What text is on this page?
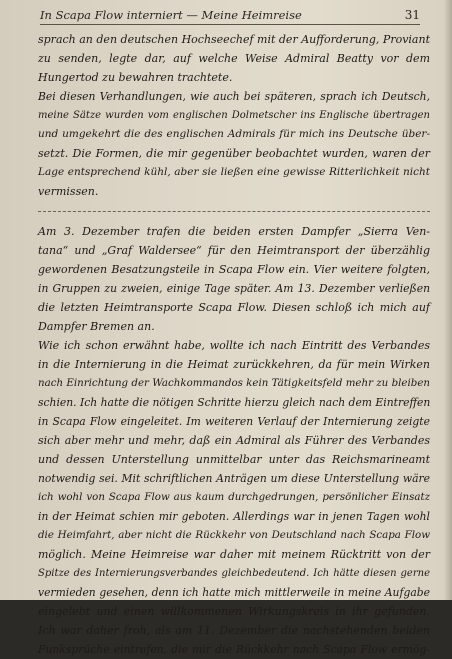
In Scapa Flow interniert — Meine Heimreise	31
sprach an den deutschen Hochseechef mit der Aufforderung, Proviant
zu senden, legte dar, auf welche Weise Admiral Beatty vor dem
Hungertod zu bewahren trachtete.
Bei diesen Verhandlungen, wie auch bei späteren, sprach ich Deutsch,
meine Sätze wurden vom englischen Dolmetscher ins Englische übertragen
und umgekehrt die des englischen Admirals für mich ins Deutsche über-
setzt. Die Formen, die mir gegenüber beobachtet wurden, waren der
Lage entsprechend kühl, aber sie ließen eine gewisse Ritterlichkeit nicht
vermissen.
Am 3. Dezember trafen die beiden ersten Dampfer „Sierra Ven-
tana“ und „Graf Waldersee“ für den Heimtransport der überzählig
gewordenen Besatzungsteile in Scapa Flow ein. Vier weitere folgten,
in Gruppen zu zweien, einige Tage später. Am 13. Dezember verließen
die letzten Heimtransporte Scapa Flow. Diesen schloß ich mich auf
Dampfer Bremen an.
Wie ich schon erwähnt habe, wollte ich nach Eintritt des Verbandes
in die Internierung in die Heimat zurückkehren, da für mein Wirken
nach Einrichtung der Wachkommandos kein Tätigkeitsfeld mehr zu bleiben
schien. Ich hatte die nötigen Schritte hierzu gleich nach dem Eintreffen
in Scapa Flow eingeleitet. Im weiteren Verlauf der Internierung zeigte
sich aber mehr und mehr, daß ein Admiral als Führer des Verbandes
und dessen Unterstellung unmittelbar unter das Reichsmarineamt
notwendig sei. Mit schriftlichen Anträgen um diese Unterstellung wäre
ich wohl von Scapa Flow aus kaum durchgedrungen, persönlicher Einsatz
in der Heimat schien mir geboten. Allerdings war in jenen Tagen wohl
die Heimfahrt, aber nicht die Rückkehr von Deutschland nach Scapa Flow
möglich. Meine Heimreise war daher mit meinem Rücktritt von der
Spitze des Internierungsverbandes gleichbedeutend. Ich hätte diesen gerne
vermieden gesehen, denn ich hatte mich mittlerweile in meine Aufgabe
eingelebt und einen willkommenen Wirkungskreis in ihr gefunden.
Ich war daher froh, als am 11. Dezember die nachstehenden beiden
Funksprüche eintrafen, die mir die Rückkehr nach Scapa Flow ermög-
